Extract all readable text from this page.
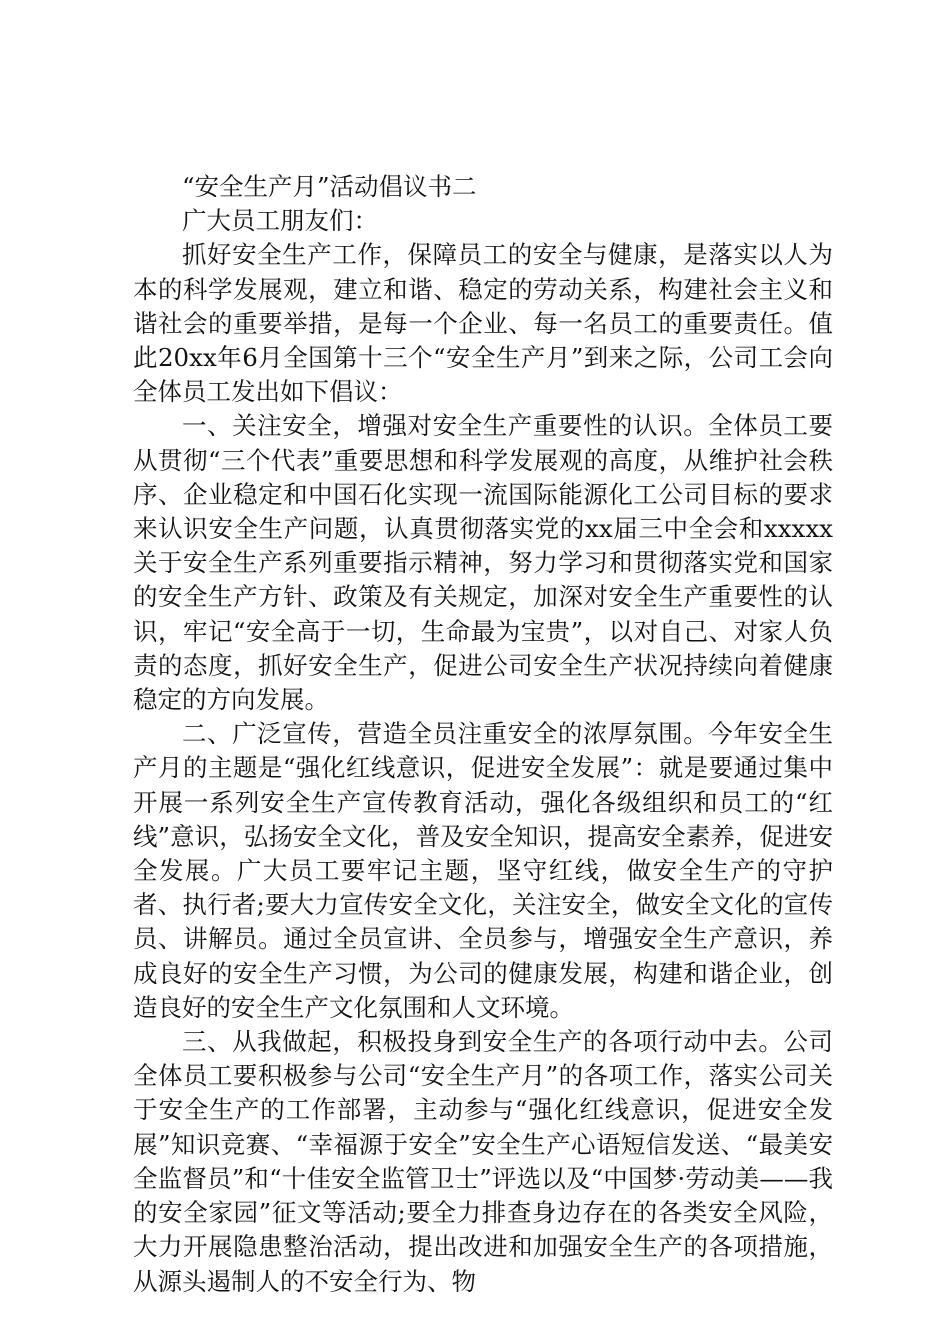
“安全生产月”活动倡议书二

广大员工朋友们：

抓好安全生产工作，保障员工的安全与健康，是落实以人为本的科学发展观，建立和谐、稳定的劳动关系，构建社会主义和谐社会的重要举措，是每一个企业、每一名员工的重要责任。值此20xx年6月全国第十三个“安全生产月”到来之际，公司工会向全体员工发出如下倡议：

一、关注安全，增强对安全生产重要性的认识。全体员工要从贯彻“三个代表”重要思想和科学发展观的高度，从维护社会秩序、企业稳定和中国石化实现一流国际能源化工公司目标的要求来认识安全生产问题，认真贯彻落实党的xx届三中全会和xxxxx关于安全生产系列重要指示精神，努力学习和贯彻落实党和国家的安全生产方针、政策及有关规定，加深对安全生产重要性的认识，牢记“安全高于一切，生命最为宝贵”，以对自己、对家人负责的态度，抓好安全生产，促进公司安全生产状况持续向着健康稳定的方向发展。

二、广泛宣传，营造全员注重安全的浓厚氛围。今年安全生产月的主题是“强化红线意识，促进安全发展”：就是要通过集中开展一系列安全生产宣传教育活动，强化各级组织和员工的“红线”意识，弘扬安全文化，普及安全知识，提高安全素养，促进安全发展。广大员工要牢记主题，坚守红线，做安全生产的守护者、执行者;要大力宣传安全文化，关注安全，做安全文化的宣传员、讲解员。通过全员宣讲、全员参与，增强安全生产意识，养成良好的安全生产习惯，为公司的健康发展，构建和谐企业，创造良好的安全生产文化氛围和人文环境。

三、从我做起，积极投身到安全生产的各项行动中去。公司全体员工要积极参与公司“安全生产月”的各项工作，落实公司关于安全生产的工作部署，主动参与“强化红线意识，促进安全发展”知识竞赛、“幸福源于安全”安全生产心语短信发送、“最美安全监督员”和“十佳安全监管卫士”评选以及“中国梦·劳动美——我的安全家园”征文等活动;要全力排查身边存在的各类安全风险，大力开展隐患整治活动，提出改进和加强安全生产的各项措施，从源头遏制人的不安全行为、物
